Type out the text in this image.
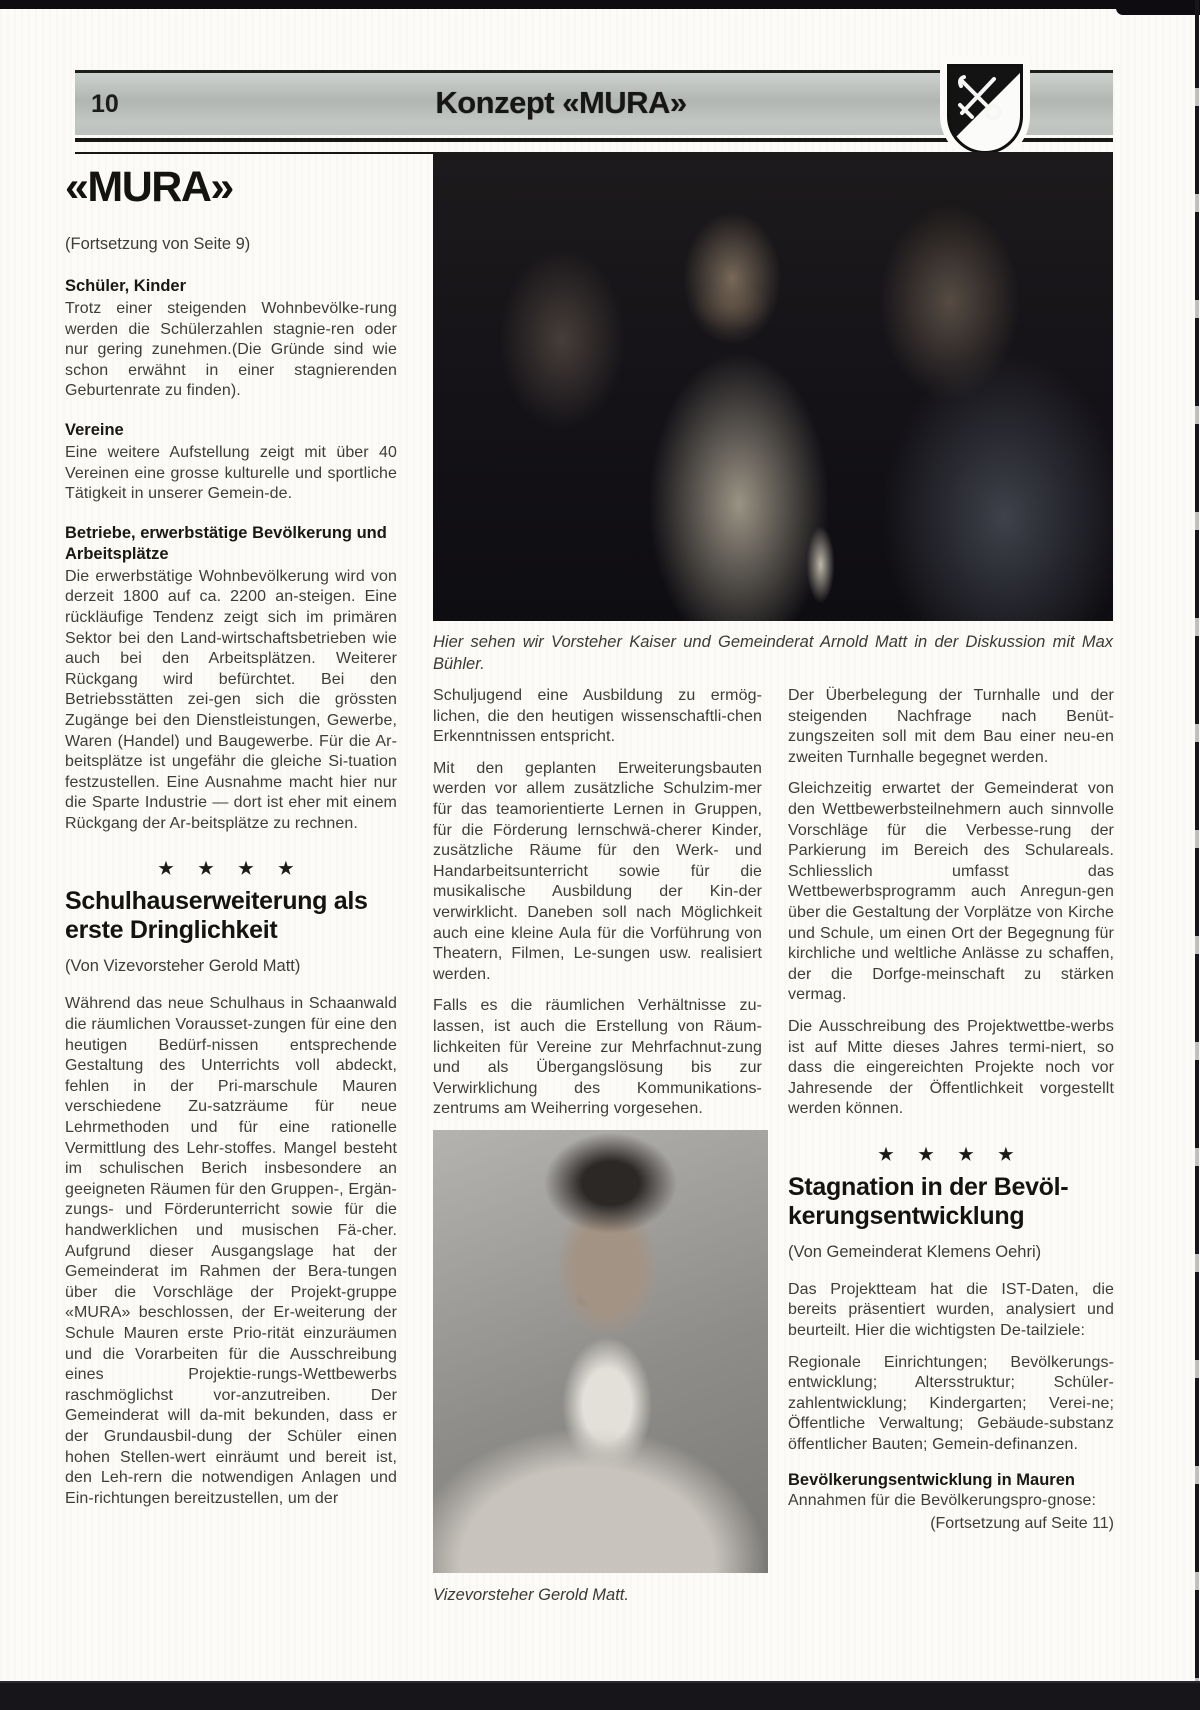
10	Konzept «MURA»
Hier sehen wir Vorsteher Kaiser und Gemeinderat Arnold Matt in der Diskussion mit Max Bühler.
«MURA»
(Fortsetzung von Seite 9)
Schüler, Kinder

Trotz einer steigenden Wohnbevölke-rung werden die Schülerzahlen stagnie-ren oder nur gering zunehmen.(Die Gründe sind wie schon erwähnt in einer stagnierenden Geburtenrate zu finden).

Vereine

Eine weitere Aufstellung zeigt mit über 40 Vereinen eine grosse kulturelle und sportliche Tätigkeit in unserer Gemein-de.

Betriebe, erwerbstätige Bevölkerung und Arbeitsplätze

Die erwerbstätige Wohnbevölkerung wird von derzeit 1800 auf ca. 2200 an-steigen. Eine rückläufige Tendenz zeigt sich im primären Sektor bei den Land-wirtschaftsbetrieben wie auch bei den Arbeitsplätzen. Weiterer Rückgang wird befürchtet. Bei den Betriebsstätten zei-gen sich die grössten Zugänge bei den Dienstleistungen, Gewerbe, Waren (Handel) und Baugewerbe. Für die Ar-beitsplätze ist ungefähr die gleiche Si-tuation festzustellen. Eine Ausnahme macht hier nur die Sparte Industrie — dort ist eher mit einem Rückgang der Ar-beitsplätze zu rechnen.

★ ★ ★ ★
Schulhauserweiterung als erste Dringlichkeit
(Von Vizevorsteher Gerold Matt)

Während das neue Schulhaus in Schaanwald die räumlichen Vorausset-zungen für eine den heutigen Bedürf-nissen entsprechende Gestaltung des Unterrichts voll abdeckt, fehlen in der Pri-marschule Mauren verschiedene Zu-satzräume für neue Lehrmethoden und für eine rationelle Vermittlung des Lehr-stoffes. Mangel besteht im schulischen Berich insbesondere an geeigneten Räumen für den Gruppen-, Ergän-zungs- und Förderunterricht sowie für die handwerklichen und musischen Fä-cher. Aufgrund dieser Ausgangslage hat der Gemeinderat im Rahmen der Bera-tungen über die Vorschläge der Projekt-gruppe «MURA» beschlossen, der Er-weiterung der Schule Mauren erste Prio-rität einzuräumen und die Vorarbeiten für die Ausschreibung eines Projektie-rungs-Wettbewerbs raschmöglichst vor-anzutreiben. Der Gemeinderat will da-mit bekunden, dass er der Grundausbil-dung der Schüler einen hohen Stellen-wert einräumt und bereit ist, den Leh-rern die notwendigen Anlagen und Ein-richtungen bereitzustellen, um der

Schuljugend eine Ausbildung zu ermög-lichen, die den heutigen wissenschaftli-chen Erkenntnissen entspricht.

Mit den geplanten Erweiterungsbauten werden vor allem zusätzliche Schulzim-mer für das teamorientierte Lernen in Gruppen, für die Förderung lernschwä-cherer Kinder, zusätzliche Räume für den Werk- und Handarbeitsunterricht sowie für die musikalische Ausbildung der Kin-der verwirklicht. Daneben soll nach Möglichkeit auch eine kleine Aula für die Vorführung von Theatern, Filmen, Le-sungen usw. realisiert werden.

Falls es die räumlichen Verhältnisse zu-lassen, ist auch die Erstellung von Räum-lichkeiten für Vereine zur Mehrfachnut-zung und als Übergangslösung bis zur Verwirklichung des Kommunikations-zentrums am Weiherring vorgesehen.

Vizevorsteher Gerold Matt.

Der Überbelegung der Turnhalle und der steigenden Nachfrage nach Benüt-zungszeiten soll mit dem Bau einer neu-en zweiten Turnhalle begegnet werden.

Gleichzeitig erwartet der Gemeinderat von den Wettbewerbsteilnehmern auch sinnvolle Vorschläge für die Verbesse-rung der Parkierung im Bereich des Schulareals. Schliesslich umfasst das Wettbewerbsprogramm auch Anregun-gen über die Gestaltung der Vorplätze von Kirche und Schule, um einen Ort der Begegnung für kirchliche und weltliche Anlässe zu schaffen, der die Dorfge-meinschaft zu stärken vermag.

Die Ausschreibung des Projektwettbe-werbs ist auf Mitte dieses Jahres termi-niert, so dass die eingereichten Projekte noch vor Jahresende der Öffentlichkeit vorgestellt werden können.

★ ★ ★ ★
Stagnation in der Bevöl-kerungsentwicklung
(Von Gemeinderat Klemens Oehri)

Das Projektteam hat die IST-Daten, die bereits präsentiert wurden, analysiert und beurteilt. Hier die wichtigsten De-tailziele:

Regionale Einrichtungen; Bevölkerungs-entwicklung; Altersstruktur; Schüler-zahlentwicklung; Kindergarten; Verei-ne; Öffentliche Verwaltung; Gebäude-substanz öffentlicher Bauten; Gemein-definanzen.

Bevölkerungsentwicklung in Mauren

Annahmen für die Bevölkerungspro-gnose:

(Fortsetzung auf Seite 11)
